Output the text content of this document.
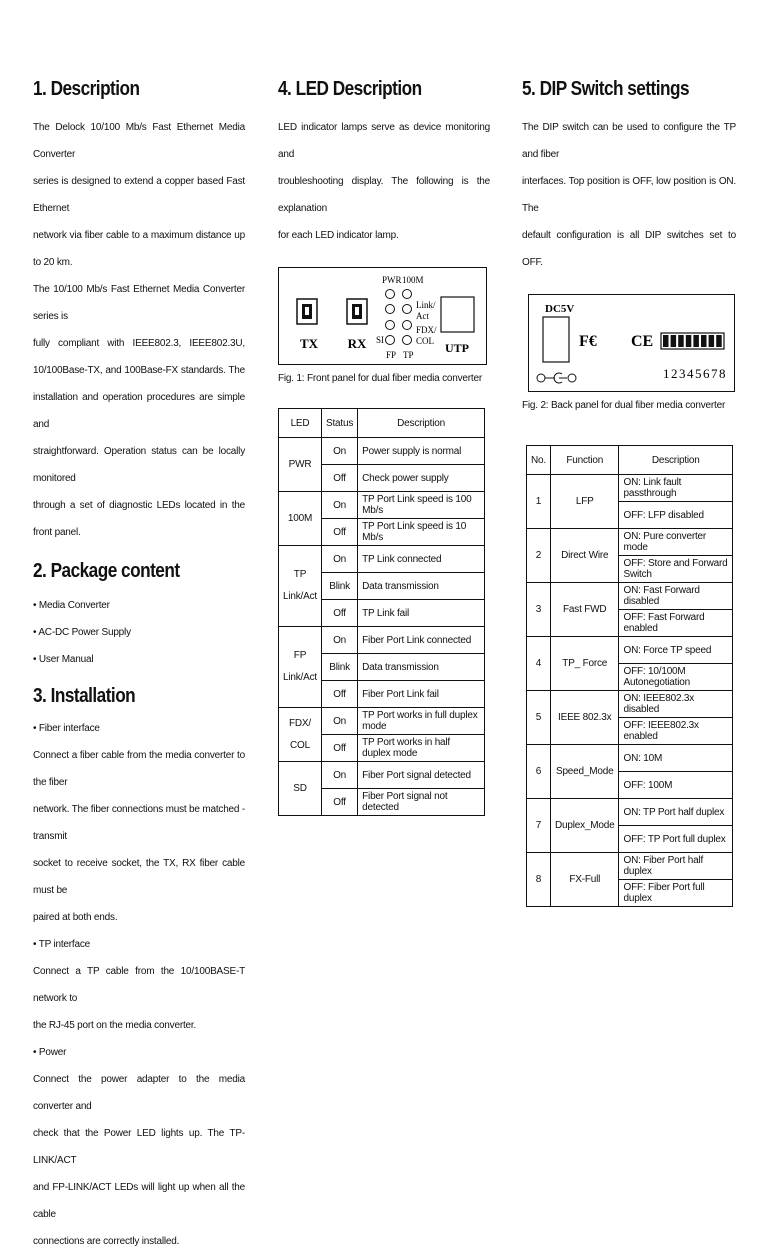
1. Description

The Delock 10/100 Mb/s Fast Ethernet Media Converter

series is designed to extend a copper based Fast Ethernet

network via fiber cable to a maximum distance up to 20 km.

The 10/100 Mb/s Fast Ethernet Media Converter series is

fully compliant with IEEE802.3, IEEE802.3U,

10/100Base-TX, and 100Base-FX standards. The

installation and operation procedures are simple and

straightforward. Operation status can be locally monitored

through a set of diagnostic LEDs located in the front panel.

2. Package content

• Media Converter

• AC-DC Power Supply

• User Manual

3. Installation

• Fiber interface

Connect a fiber cable from the media converter to the fiber

network. The fiber connections must be matched - transmit

socket to receive socket, the TX, RX fiber cable must be

paired at both ends.

• TP interface

Connect a TP cable from the 10/100BASE-T network to

the RJ-45 port on the media converter.

• Power

Connect the power adapter to the media converter and

check that the Power LED lights up. The TP-LINK/ACT

and FP-LINK/ACT LEDs will light up when all the cable

connections are correctly installed.

4. LED Description

LED indicator lamps serve as device monitoring and

troubleshooting display. The following is the explanation

for each LED indicator lamp.

TX RX
PWR 100M
Link/
Act
FDX/
COL
SI
FP TP	UTP

Fig. 1: Front panel for dual fiber media converter

LED	Status	Description
PWR	On	Power supply is normal
	Off	Check power supply
100M	On	TP Port Link speed is 100 Mb/s
	Off	TP Port Link speed is 10 Mb/s
TP
Link/Act	On	TP Link connected
	Blink	Data transmission
	Off	TP Link fail
FP
Link/Act	On	Fiber Port Link connected
	Blink	Data transmission
	Off	Fiber Port Link fail
FDX/
COL	On	TP Port works in full duplex mode
	Off	TP Port works in half duplex mode
SD	On	Fiber Port signal detected
	Off	Fiber Port signal not detected
5. DIP Switch settings

The DIP switch can be used to configure the TP and fiber

interfaces. Top position is OFF, low position is ON. The

default configuration is all DIP switches set to OFF.

DC5V
F€ CE
12345678

Fig. 2: Back panel for dual fiber media converter

No.	Function	Description
1	LFP	ON: Link fault passthrough
		OFF: LFP disabled
2	Direct Wire	ON: Pure converter mode
		OFF: Store and Forward Switch
3	Fast FWD	ON: Fast Forward disabled
		OFF: Fast Forward enabled
4	TP_ Force	ON: Force TP speed
		OFF: 10/100M Autonegotiation
5	IEEE 802.3x	ON: IEEE802.3x disabled
		OFF: IEEE802.3x enabled
6	Speed_Mode	ON: 10M
		OFF: 100M
7	Duplex_Mode	ON: TP Port half duplex
		OFF: TP Port full duplex
8	FX-Full	ON: Fiber Port half duplex
		OFF: Fiber Port full duplex
